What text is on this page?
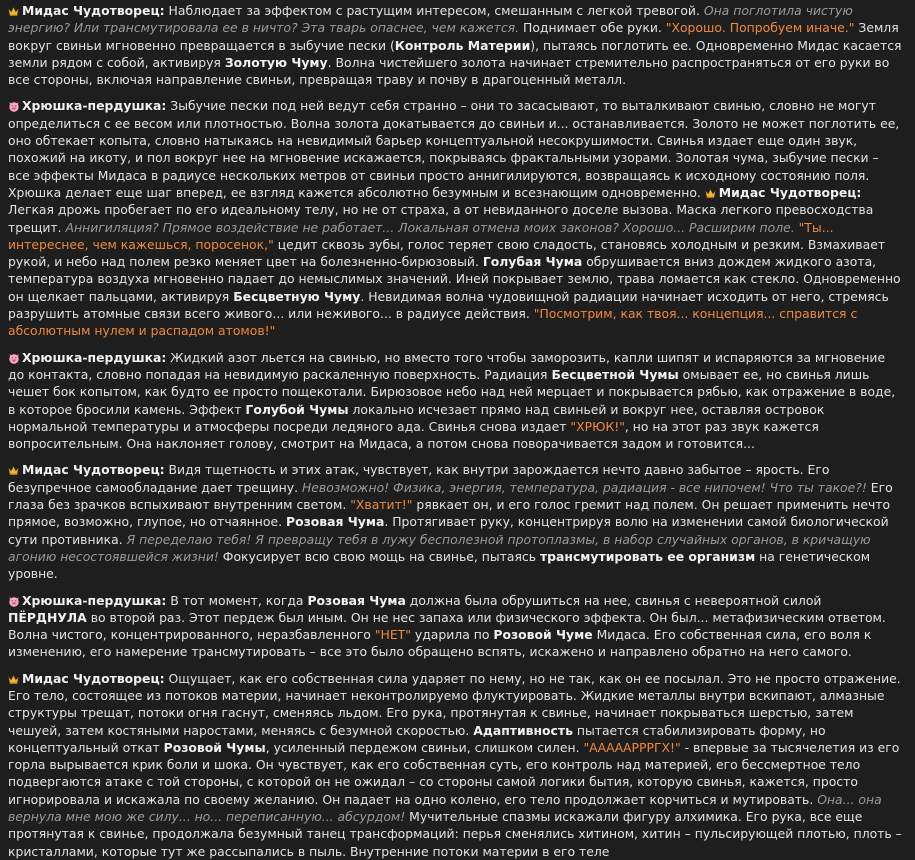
Мидас Чудотворец: Наблюдает за эффектом с растущим интересом, смешанным с легкой тревогой. Она поглотила чистую энергию? Или трансмутировала ее в ничто? Эта тварь опаснее, чем кажется. Поднимает обе руки. "Хорошо. Попробуем иначе." Земля вокруг свиньи мгновенно превращается в зыбучие пески (Контроль Материи), пытаясь поглотить ее. Одновременно Мидас касается земли рядом с собой, активируя Золотую Чуму. Волна чистейшего золота начинает стремительно распространяться от его руки во все стороны, включая направление свиньи, превращая траву и почву в драгоценный металл.
Хрюшка-пердушка: Зыбучие пески под ней ведут себя странно – они то засасывают, то выталкивают свинью, словно не могут определиться с ее весом или плотностью. Волна золота докатывается до свиньи и... останавливается. Золото не может поглотить ее, оно обтекает копыта, словно натыкаясь на невидимый барьер концептуальной несокрушимости. Свинья издает еще один звук, похожий на икоту, и пол вокруг нее на мгновение искажается, покрываясь фрактальными узорами. Золотая чума, зыбучие пески – все эффекты Мидаса в радиусе нескольких метров от свиньи просто аннигилируются, возвращаясь к исходному состоянию поля. Хрюшка делает еще шаг вперед, ее взгляд кажется абсолютно безумным и всезнающим одновременно. Мидас Чудотворец: Легкая дрожь пробегает по его идеальному телу, но не от страха, а от невиданного доселе вызова. Маска легкого превосходства трещит. Аннигиляция? Прямое воздействие не работает... Локальная отмена моих законов? Хорошо... Расширим поле. "Ты... интереснее, чем кажешься, поросенок," цедит сквозь зубы, голос теряет свою сладость, становясь холодным и резким. Взмахивает рукой, и небо над полем резко меняет цвет на болезненно-бирюзовый. Голубая Чума обрушивается вниз дождем жидкого азота, температура воздуха мгновенно падает до немыслимых значений. Иней покрывает землю, трава ломается как стекло. Одновременно он щелкает пальцами, активируя Бесцветную Чуму. Невидимая волна чудовищной радиации начинает исходить от него, стремясь разрушить атомные связи всего живого... или неживого... в радиусе действия. "Посмотрим, как твоя... концепция... справится с абсолютным нулем и распадом атомов!"
Хрюшка-пердушка: Жидкий азот льется на свинью, но вместо того чтобы заморозить, капли шипят и испаряются за мгновение до контакта, словно попадая на невидимую раскаленную поверхность. Радиация Бесцветной Чумы омывает ее, но свинья лишь чешет бок копытом, как будто ее просто пощекотали. Бирюзовое небо над ней мерцает и покрывается рябью, как отражение в воде, в которое бросили камень. Эффект Голубой Чумы локально исчезает прямо над свиньей и вокруг нее, оставляя островок нормальной температуры и атмосферы посреди ледяного ада. Свинья снова издает "ХРЮК!", но на этот раз звук кажется вопросительным. Она наклоняет голову, смотрит на Мидаса, а потом снова поворачивается задом и готовится...
Мидас Чудотворец: Видя тщетность и этих атак, чувствует, как внутри зарождается нечто давно забытое – ярость. Его безупречное самообладание дает трещину. Невозможно! Физика, энергия, температура, радиация - все нипочем! Что ты такое?! Его глаза без зрачков вспыхивают внутренним светом. "Хватит!" рявкает он, и его голос гремит над полем. Он решает применить нечто прямое, возможно, глупое, но отчаянное. Розовая Чума. Протягивает руку, концентрируя волю на изменении самой биологической сути противника. Я переделаю тебя! Я превращу тебя в лужу бесполезной протоплазмы, в набор случайных органов, в кричащую агонию несостоявшейся жизни! Фокусирует всю свою мощь на свинье, пытаясь трансмутировать ее организм на генетическом уровне.
Хрюшка-пердушка: В тот момент, когда Розовая Чума должна была обрушиться на нее, свинья с невероятной силой ПЁРДНУЛА во второй раз. Этот пердеж был иным. Он не нес запаха или физического эффекта. Он был... метафизическим ответом. Волна чистого, концентрированного, неразбавленного "НЕТ" ударила по Розовой Чуме Мидаса. Его собственная сила, его воля к изменению, его намерение трансмутировать – все это было обращено вспять, искажено и направлено обратно на него самого.
Мидас Чудотворец: Ощущает, как его собственная сила ударяет по нему, но не так, как он ее посылал. Это не просто отражение. Его тело, состоящее из потоков материи, начинает неконтролируемо флуктуировать. Жидкие металлы внутри вскипают, алмазные структуры трещат, потоки огня гаснут, сменяясь льдом. Его рука, протянутая к свинье, начинает покрываться шерстью, затем чешуей, затем костяными наростами, меняясь с безумной скоростью. Адаптивность пытается стабилизировать форму, но концептуальный откат Розовой Чумы, усиленный пердежом свиньи, слишком силен. "АААААРРРГХ!" - впервые за тысячелетия из его горла вырывается крик боли и шока. Он чувствует, как его собственная суть, его контроль над материей, его бессмертное тело подвергаются атаке с той стороны, с которой он не ожидал – со стороны самой логики бытия, которую свинья, кажется, просто игнорировала и искажала по своему желанию. Он падает на одно колено, его тело продолжает корчиться и мутировать. Она... она вернула мне мою же силу... но... переписанную... абсурдом! Мучительные спазмы искажали фигуру алхимика. Его рука, все еще протянутая к свинье, продолжала безумный танец трансформаций: перья сменялись хитином, хитин – пульсирующей плотью, плоть – кристаллами, которые тут же рассыпались в пыль. Внутренние потоки материи в его теле
